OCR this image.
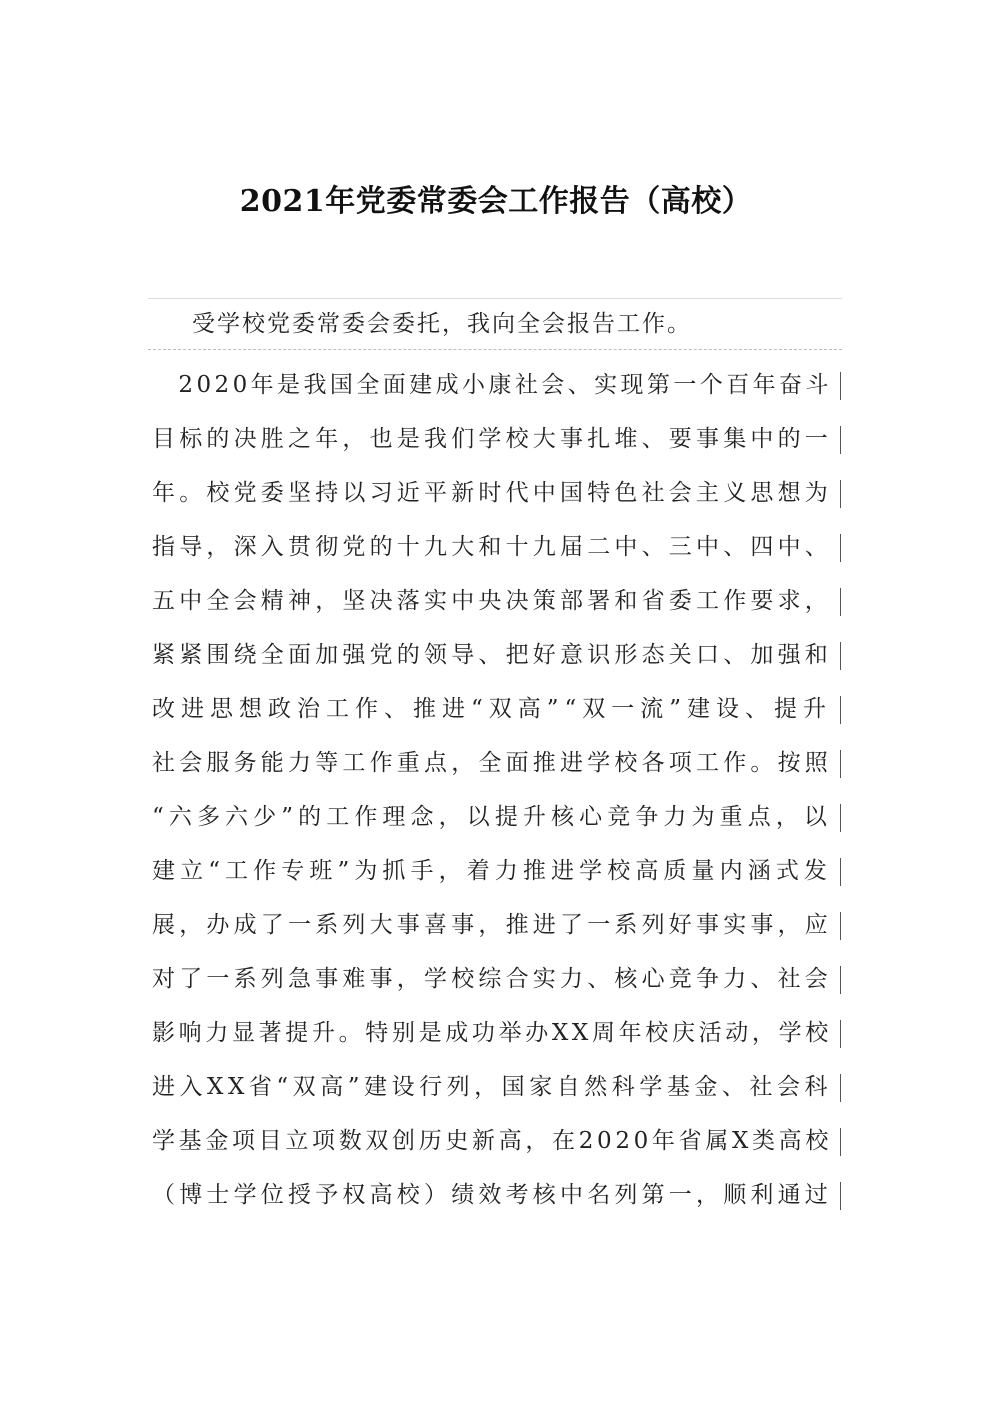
2021年党委常委会工作报告（高校）
受学校党委常委会委托，我向全会报告工作。
　2020年是我国全面建成小康社会、实现第一个百年奋斗
目标的决胜之年，也是我们学校大事扎堆、要事集中的一
年。校党委坚持以习近平新时代中国特色社会主义思想为
指导，深入贯彻党的十九大和十九届二中、三中、四中、
五中全会精神，坚决落实中央决策部署和省委工作要求，
紧紧围绕全面加强党的领导、把好意识形态关口、加强和
改进思想政治工作、推进“双高”“双一流”建设、提升
社会服务能力等工作重点，全面推进学校各项工作。按照
“六多六少”的工作理念，以提升核心竞争力为重点，以
建立“工作专班”为抓手，着力推进学校高质量内涵式发
展，办成了一系列大事喜事，推进了一系列好事实事，应
对了一系列急事难事，学校综合实力、核心竞争力、社会
影响力显著提升。特别是成功举办XX周年校庆活动，学校
进入XX省“双高”建设行列，国家自然科学基金、社会科
学基金项目立项数双创历史新高，在2020年省属X类高校
（博士学位授予权高校）绩效考核中名列第一，顺利通过
